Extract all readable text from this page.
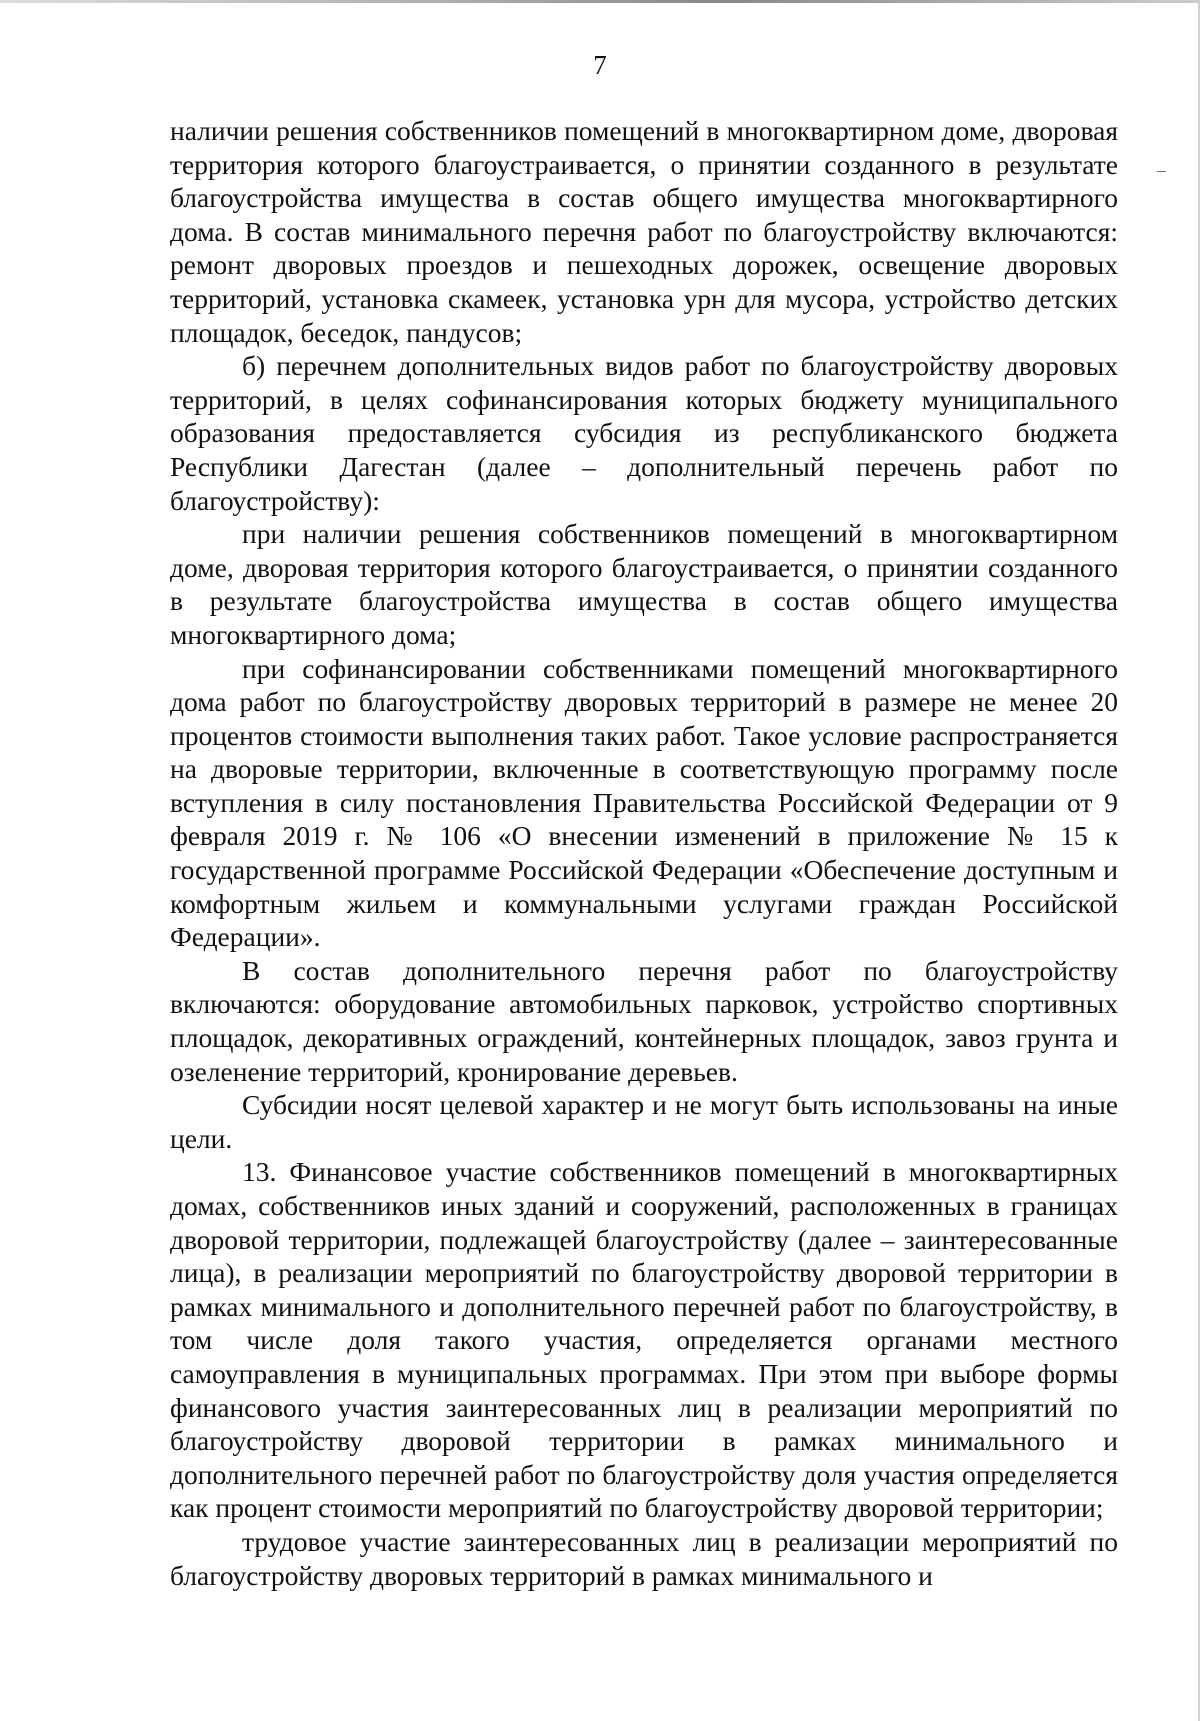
7
–

наличии решения собственников помещений в многоквартирном доме, дворовая территория которого благоустраивается, о принятии созданного в результате благоустройства имущества в состав общего имущества многоквартирного дома. В состав минимального перечня работ по благоустройству включаются: ремонт дворовых проездов и пешеходных дорожек, освещение дворовых территорий, установка скамеек, установка урн для мусора, устройство детских площадок, беседок, пандусов;

б) перечнем дополнительных видов работ по благоустройству дворовых территорий, в целях софинансирования которых бюджету муниципального образования предоставляется субсидия из республиканского бюджета Республики Дагестан (далее – дополнительный перечень работ по благоустройству):

при наличии решения собственников помещений в многоквартирном доме, дворовая территория которого благоустраивается, о принятии созданного в результате благоустройства имущества в состав общего имущества многоквартирного дома;

при софинансировании собственниками помещений многоквартирного дома работ по благоустройству дворовых территорий в размере не менее 20 процентов стоимости выполнения таких работ. Такое условие распространяется на дворовые территории, включенные в соответствующую программу после вступления в силу постановления Правительства Российской Федерации от 9 февраля 2019 г. № 106 «О внесении изменений в приложение № 15 к государственной программе Российской Федерации «Обеспечение доступным и комфортным жильем и коммунальными услугами граждан Российской Федерации».

В состав дополнительного перечня работ по благоустройству включаются: оборудование автомобильных парковок, устройство спортивных площадок, декоративных ограждений, контейнерных площадок, завоз грунта и озеленение территорий, кронирование деревьев.

Субсидии носят целевой характер и не могут быть использованы на иные цели.

13. Финансовое участие собственников помещений в многоквартирных домах, собственников иных зданий и сооружений, расположенных в границах дворовой территории, подлежащей благоустройству (далее – заинтересованные лица), в реализации мероприятий по благоустройству дворовой территории в рамках минимального и дополнительного перечней работ по благоустройству, в том числе доля такого участия, определяется органами местного самоуправления в муниципальных программах. При этом при выборе формы финансового участия заинтересованных лиц в реализации мероприятий по благоустройству дворовой территории в рамках минимального и дополнительного перечней работ по благоустройству доля участия определяется как процент стоимости мероприятий по благоустройству дворовой территории;

трудовое участие заинтересованных лиц в реализации мероприятий по благоустройству дворовых территорий в рамках минимального и
